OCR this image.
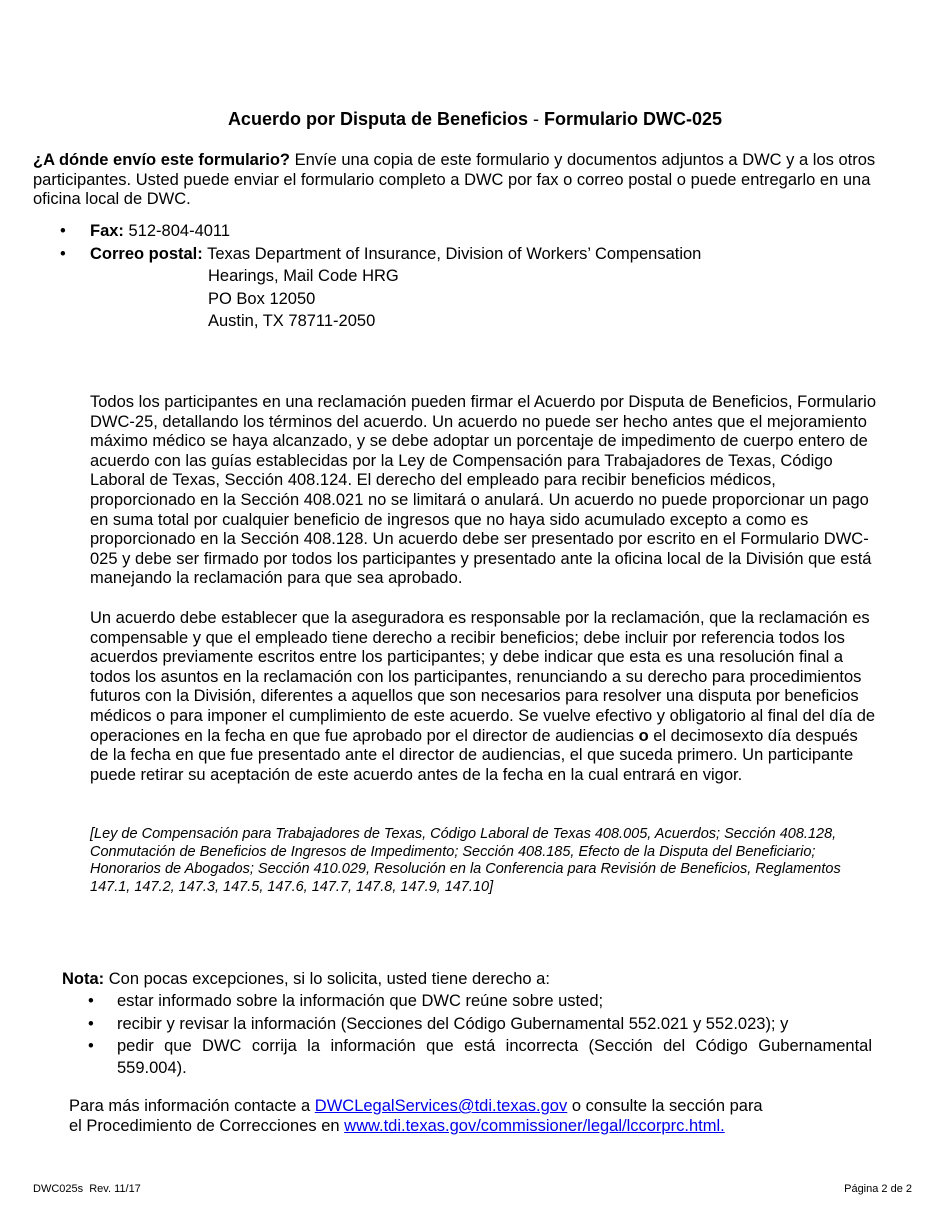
Acuerdo por Disputa de Beneficios - Formulario DWC-025
¿A dónde envío este formulario? Envíe una copia de este formulario y documentos adjuntos a DWC y a los otros participantes. Usted puede enviar el formulario completo a DWC por fax o correo postal o puede entregarlo en una oficina local de DWC.
• Fax: 512-804-4011
• Correo postal: Texas Department of Insurance, Division of Workers’ Compensation
Hearings, Mail Code HRG
PO Box 12050
Austin, TX 78711-2050
Todos los participantes en una reclamación pueden firmar el Acuerdo por Disputa de Beneficios, Formulario DWC-25, detallando los términos del acuerdo. Un acuerdo no puede ser hecho antes que el mejoramiento máximo médico se haya alcanzado, y se debe adoptar un porcentaje de impedimento de cuerpo entero de acuerdo con las guías establecidas por la Ley de Compensación para Trabajadores de Texas, Código Laboral de Texas, Sección 408.124. El derecho del empleado para recibir beneficios médicos, proporcionado en la Sección 408.021 no se limitará o anulará. Un acuerdo no puede proporcionar un pago en suma total por cualquier beneficio de ingresos que no haya sido acumulado excepto a como es proporcionado en la Sección 408.128. Un acuerdo debe ser presentado por escrito en el Formulario DWC-025 y debe ser firmado por todos los participantes y presentado ante la oficina local de la División que está manejando la reclamación para que sea aprobado.
Un acuerdo debe establecer que la aseguradora es responsable por la reclamación, que la reclamación es compensable y que el empleado tiene derecho a recibir beneficios; debe incluir por referencia todos los acuerdos previamente escritos entre los participantes; y debe indicar que esta es una resolución final a todos los asuntos en la reclamación con los participantes, renunciando a su derecho para procedimientos futuros con la División, diferentes a aquellos que son necesarios para resolver una disputa por beneficios médicos o para imponer el cumplimiento de este acuerdo. Se vuelve efectivo y obligatorio al final del día de operaciones en la fecha en que fue aprobado por el director de audiencias o el decimosexto día después de la fecha en que fue presentado ante el director de audiencias, el que suceda primero. Un participante puede retirar su aceptación de este acuerdo antes de la fecha en la cual entrará en vigor.
[Ley de Compensación para Trabajadores de Texas, Código Laboral de Texas 408.005, Acuerdos; Sección 408.128, Conmutación de Beneficios de Ingresos de Impedimento; Sección 408.185, Efecto de la Disputa del Beneficiario; Honorarios de Abogados; Sección 410.029, Resolución en la Conferencia para Revisión de Beneficios, Reglamentos 147.1, 147.2, 147.3, 147.5, 147.6, 147.7, 147.8, 147.9, 147.10]
Nota: Con pocas excepciones, si lo solicita, usted tiene derecho a:
• estar informado sobre la información que DWC reúne sobre usted;
• recibir y revisar la información (Secciones del Código Gubernamental 552.021 y 552.023); y
• pedir que DWC corrija la información que está incorrecta (Sección del Código Gubernamental 559.004).
Para más información contacte a DWCLegalServices@tdi.texas.gov o consulte la sección para
el Procedimiento de Correcciones en www.tdi.texas.gov/commissioner/legal/lccorprc.html.
DWC025s  Rev. 11/17	Página 2 de 2
